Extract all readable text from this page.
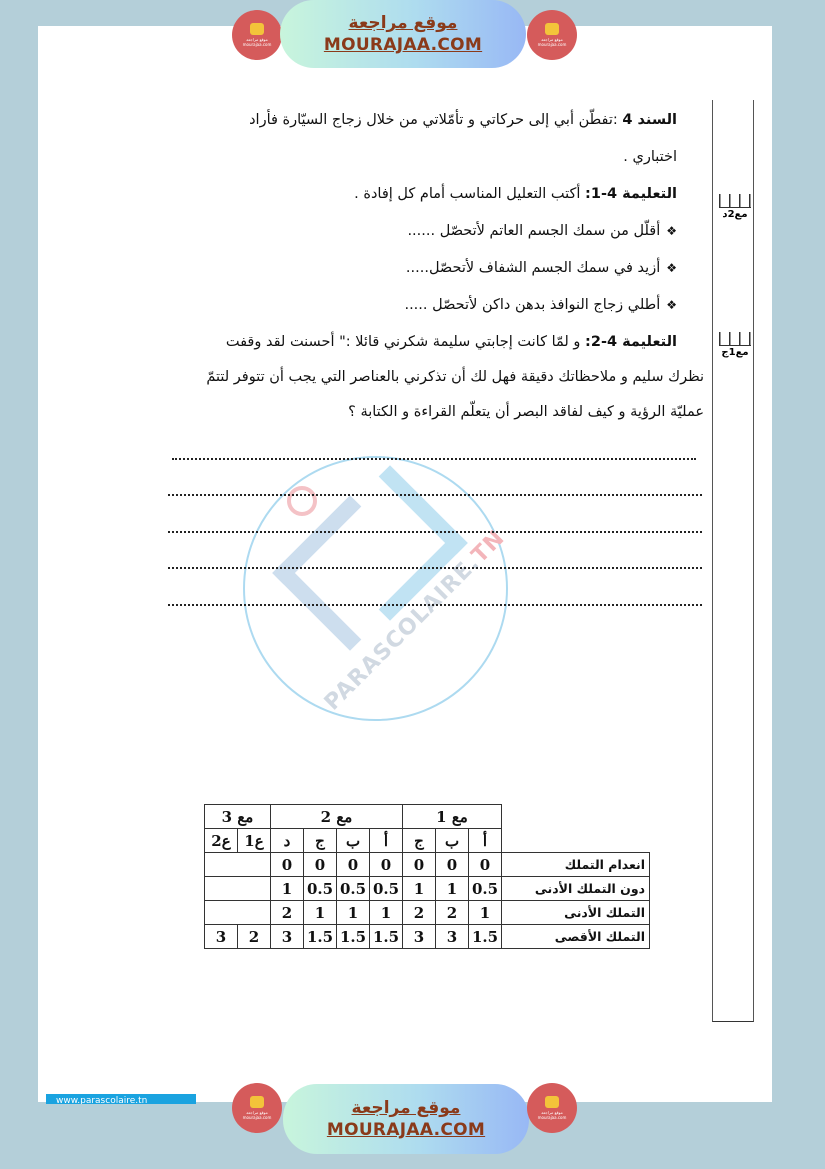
موقع مراجعة
mourajaa.com
موقع مراجعة
MOURAJAA.COM	موقع مراجعة
mourajaa.com
PARASCOLAIRE.TN
السند 4 :تفطّن أبي إلى حركاتي و تأمّلاتي من خلال زجاج السيّارة فأراد
اختباري .
التعليمة 4-1: أكتب التعليل المناسب أمام كل إفادة .
❖أقلّل من سمك الجسم العاتم لأتحصّل ......
❖أزيد في سمك الجسم الشفاف لأتحصّل.....
❖أطلي زجاج النوافذ بدهن داكن لأتحصّل .....
التعليمة 4-2: و لمّا كانت إجابتي سليمة شكرني قائلا :" أحسنت لقد وقفت
نظرك سليم و ملاحظاتك دقيقة فهل لك أن تذكرني بالعناصر التي يجب أن تتوفر لتتمّ
عمليّة الرؤية و كيف لفاقد البصر أن يتعلّم القراءة و الكتابة ؟
	مع 1			مع 2				مع 3	
	أ	ب	ج	أ	ب	ج	د	ع1	ع2
انعدام التملك	0	0	0	0	0	0	0		
دون التملك الأدنى	0.5	1	1	0.5	0.5	0.5	1		
التملك الأدنى	1	2	2	1	1	1	2		
التملك الأقصى	1.5	3	3	1.5	1.5	1.5	3	2	3
مع2د
مع1ج
www.parascolaire.tn
موقع مراجعة
mourajaa.com	موقع مراجعة
MOURAJAA.COM
موقع مراجعة
mourajaa.com
